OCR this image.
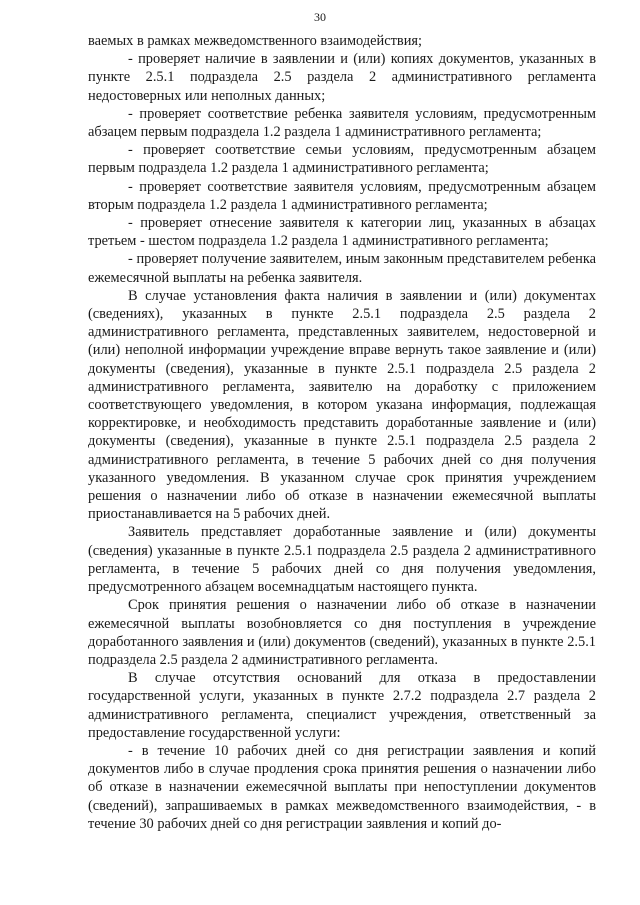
30

ваемых в рамках межведомственного взаимодействия;

- проверяет наличие в заявлении и (или) копиях документов, указанных в пункте 2.5.1 подраздела 2.5 раздела 2 административного регламента недостоверных или неполных данных;

- проверяет соответствие ребенка заявителя условиям, предусмотренным абзацем первым подраздела 1.2 раздела 1 административного регламента;

- проверяет соответствие семьи условиям, предусмотренным абзацем первым подраздела 1.2 раздела 1 административного регламента;

- проверяет соответствие заявителя условиям, предусмотренным абзацем вторым подраздела 1.2 раздела 1 административного регламента;

- проверяет отнесение заявителя к категории лиц, указанных в абзацах третьем - шестом подраздела 1.2 раздела 1 административного регламента;

- проверяет получение заявителем, иным законным представителем ребенка ежемесячной выплаты на ребенка заявителя.

В случае установления факта наличия в заявлении и (или) документах (сведениях), указанных в пункте 2.5.1 подраздела 2.5 раздела 2 административного регламента, представленных заявителем, недостоверной и (или) неполной информации учреждение вправе вернуть такое заявление и (или) документы (сведения), указанные в пункте 2.5.1 подраздела 2.5 раздела 2 административного регламента, заявителю на доработку с приложением соответствующего уведомления, в котором указана информация, подлежащая корректировке, и необходимость представить доработанные заявление и (или) документы (сведения), указанные в пункте 2.5.1 подраздела 2.5 раздела 2 административного регламента, в течение 5 рабочих дней со дня получения указанного уведомления. В указанном случае срок принятия учреждением решения о назначении либо об отказе в назначении ежемесячной выплаты приостанавливается на 5 рабочих дней.

Заявитель представляет доработанные заявление и (или) документы (сведения) указанные в пункте 2.5.1 подраздела 2.5 раздела 2 административного регламента, в течение 5 рабочих дней со дня получения уведомления, предусмотренного абзацем восемнадцатым настоящего пункта.

Срок принятия решения о назначении либо об отказе в назначении ежемесячной выплаты возобновляется со дня поступления в учреждение доработанного заявления и (или) документов (сведений), указанных в пункте 2.5.1 подраздела 2.5 раздела 2 административного регламента.

В случае отсутствия оснований для отказа в предоставлении государственной услуги, указанных в пункте 2.7.2 подраздела 2.7 раздела 2 административного регламента, специалист учреждения, ответственный за предоставление государственной услуги:

- в течение 10 рабочих дней со дня регистрации заявления и копий документов либо в случае продления срока принятия решения о назначении либо об отказе в назначении ежемесячной выплаты при непоступлении документов (сведений), запрашиваемых в рамках межведомственного взаимодействия, - в течение 30 рабочих дней со дня регистрации заявления и копий до-
